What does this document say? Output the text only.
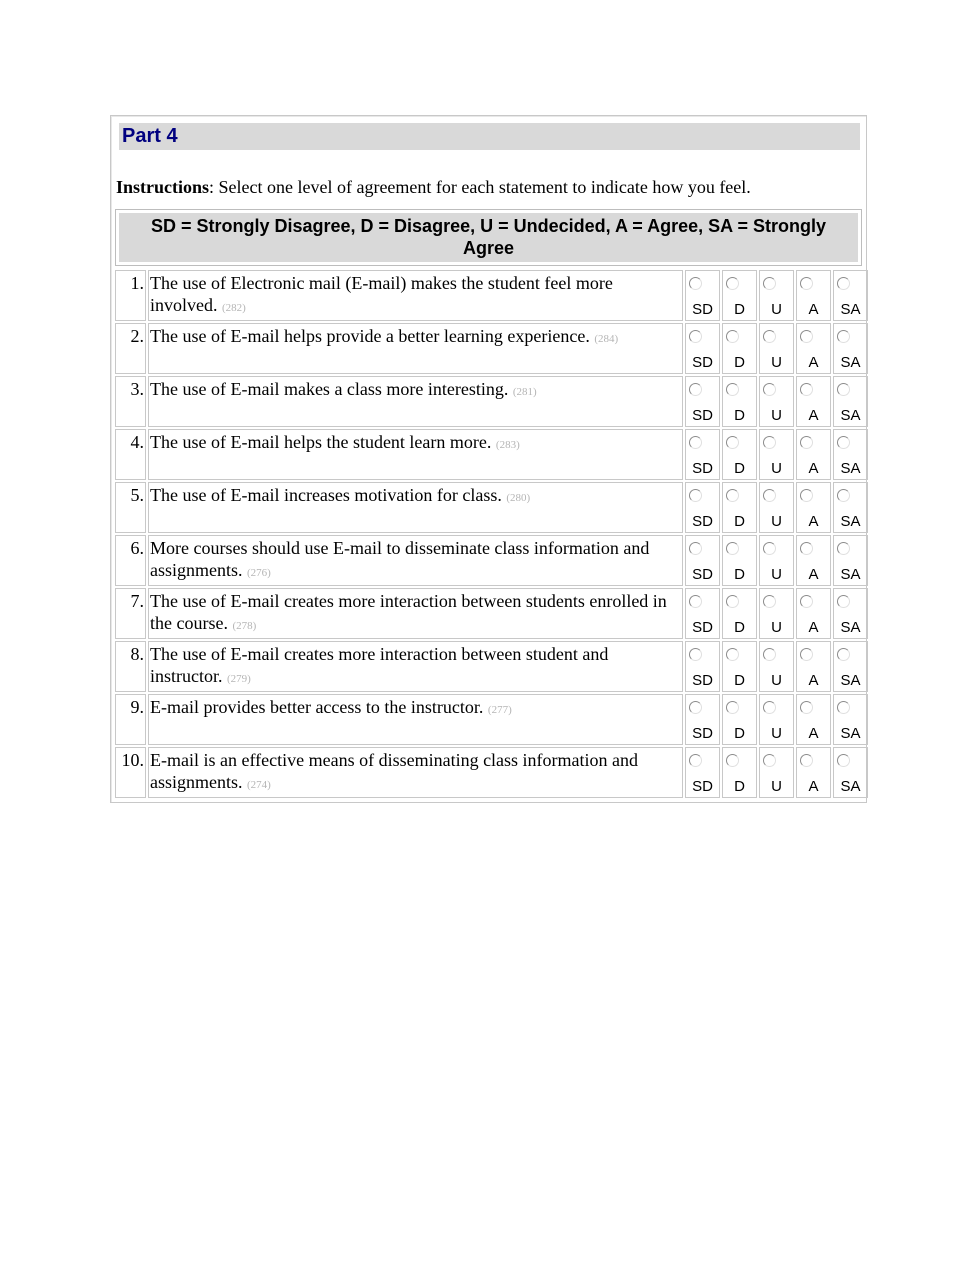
Part 4
Instructions: Select one level of agreement for each statement to indicate how you feel.
SD = Strongly Disagree, D = Disagree, U = Undecided, A = Agree, SA = Strongly Agree
1.	The use of Electronic mail (E-mail) makes the student feel more involved. (282)	SD	D	U	A	SA

2.	The use of E-mail helps provide a better learning experience. (284)	SD	D	U	A	SA

3.	The use of E-mail makes a class more interesting. (281)	SD	D	U	A	SA

4.	The use of E-mail helps the student learn more. (283)	SD	D	U	A	SA

5.	The use of E-mail increases motivation for class. (280)	SD	D	U	A	SA

6.	More courses should use E-mail to disseminate class information and assignments. (276)	SD	D	U	A	SA

7.	The use of E-mail creates more interaction between students enrolled in the course. (278)	SD	D	U	A	SA

8.	The use of E-mail creates more interaction between student and instructor. (279)	SD	D	U	A	SA

9.	E-mail provides better access to the instructor. (277)	SD	D	U	A	SA

10.	E-mail is an effective means of disseminating class information and assignments. (274)	SD	D	U	A	SA
